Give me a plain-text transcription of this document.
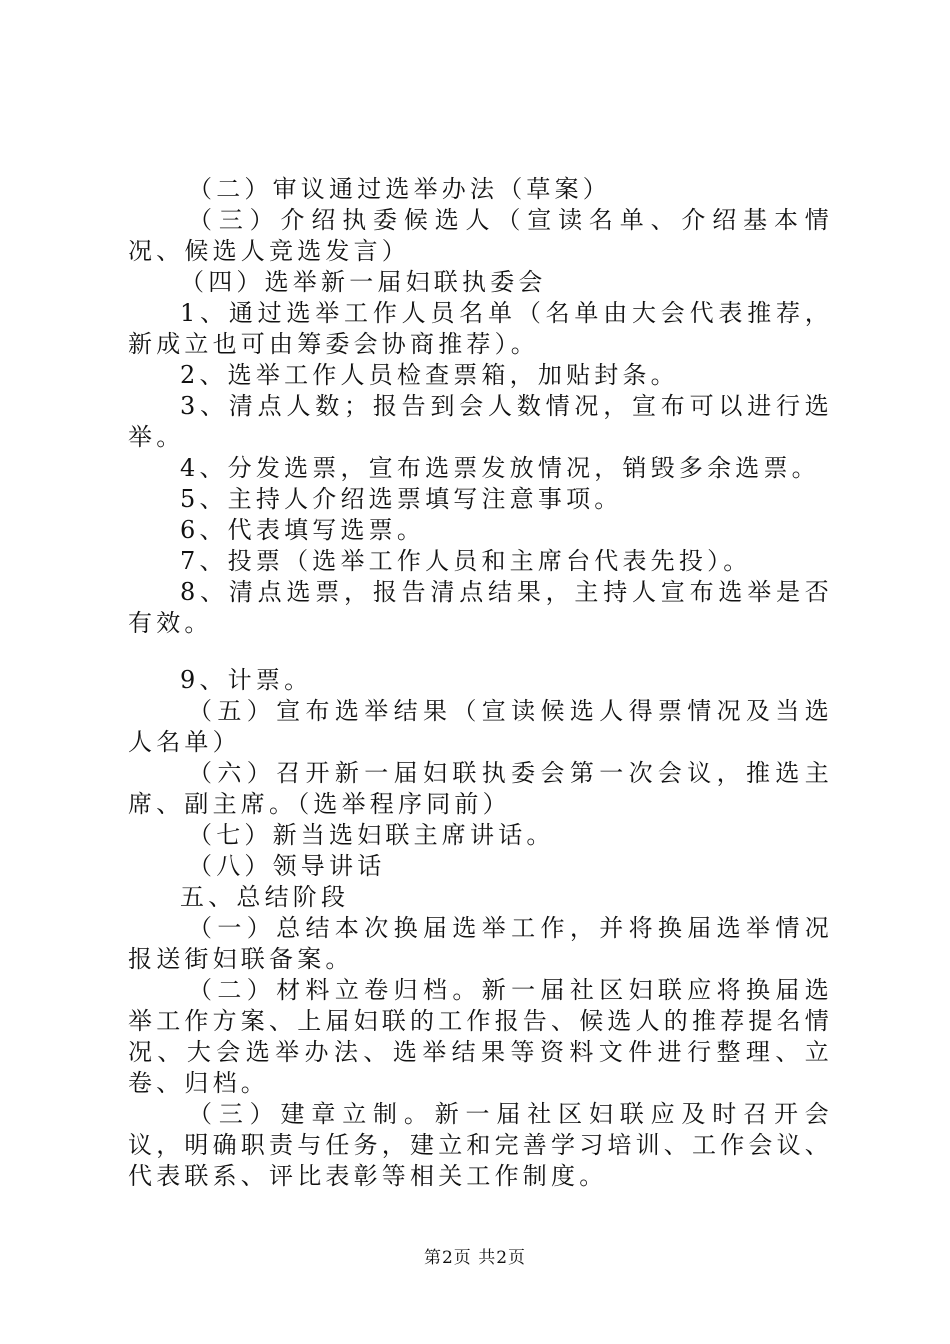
（二）审议通过选举办法（草案）

（三）介绍执委候选人（宣读名单、介绍基本情况、候选人竞选发言）

（四）选举新一届妇联执委会

1、通过选举工作人员名单（名单由大会代表推荐，新成立也可由筹委会协商推荐）。

2、选举工作人员检查票箱，加贴封条。

3、清点人数；报告到会人数情况，宣布可以进行选举。

4、分发选票，宣布选票发放情况，销毁多余选票。

5、主持人介绍选票填写注意事项。

6、代表填写选票。

7、投票（选举工作人员和主席台代表先投）。

8、清点选票，报告清点结果，主持人宣布选举是否有效。

9、计票。

（五）宣布选举结果（宣读候选人得票情况及当选人名单）

（六）召开新一届妇联执委会第一次会议，推选主席、副主席。（选举程序同前）

（七）新当选妇联主席讲话。

（八）领导讲话

五、总结阶段

（一）总结本次换届选举工作，并将换届选举情况报送街妇联备案。

（二）材料立卷归档。新一届社区妇联应将换届选举工作方案、上届妇联的工作报告、候选人的推荐提名情况、大会选举办法、选举结果等资料文件进行整理、立卷、归档。

（三）建章立制。新一届社区妇联应及时召开会议，明确职责与任务，建立和完善学习培训、工作会议、代表联系、评比表彰等相关工作制度。

第2页 共2页
